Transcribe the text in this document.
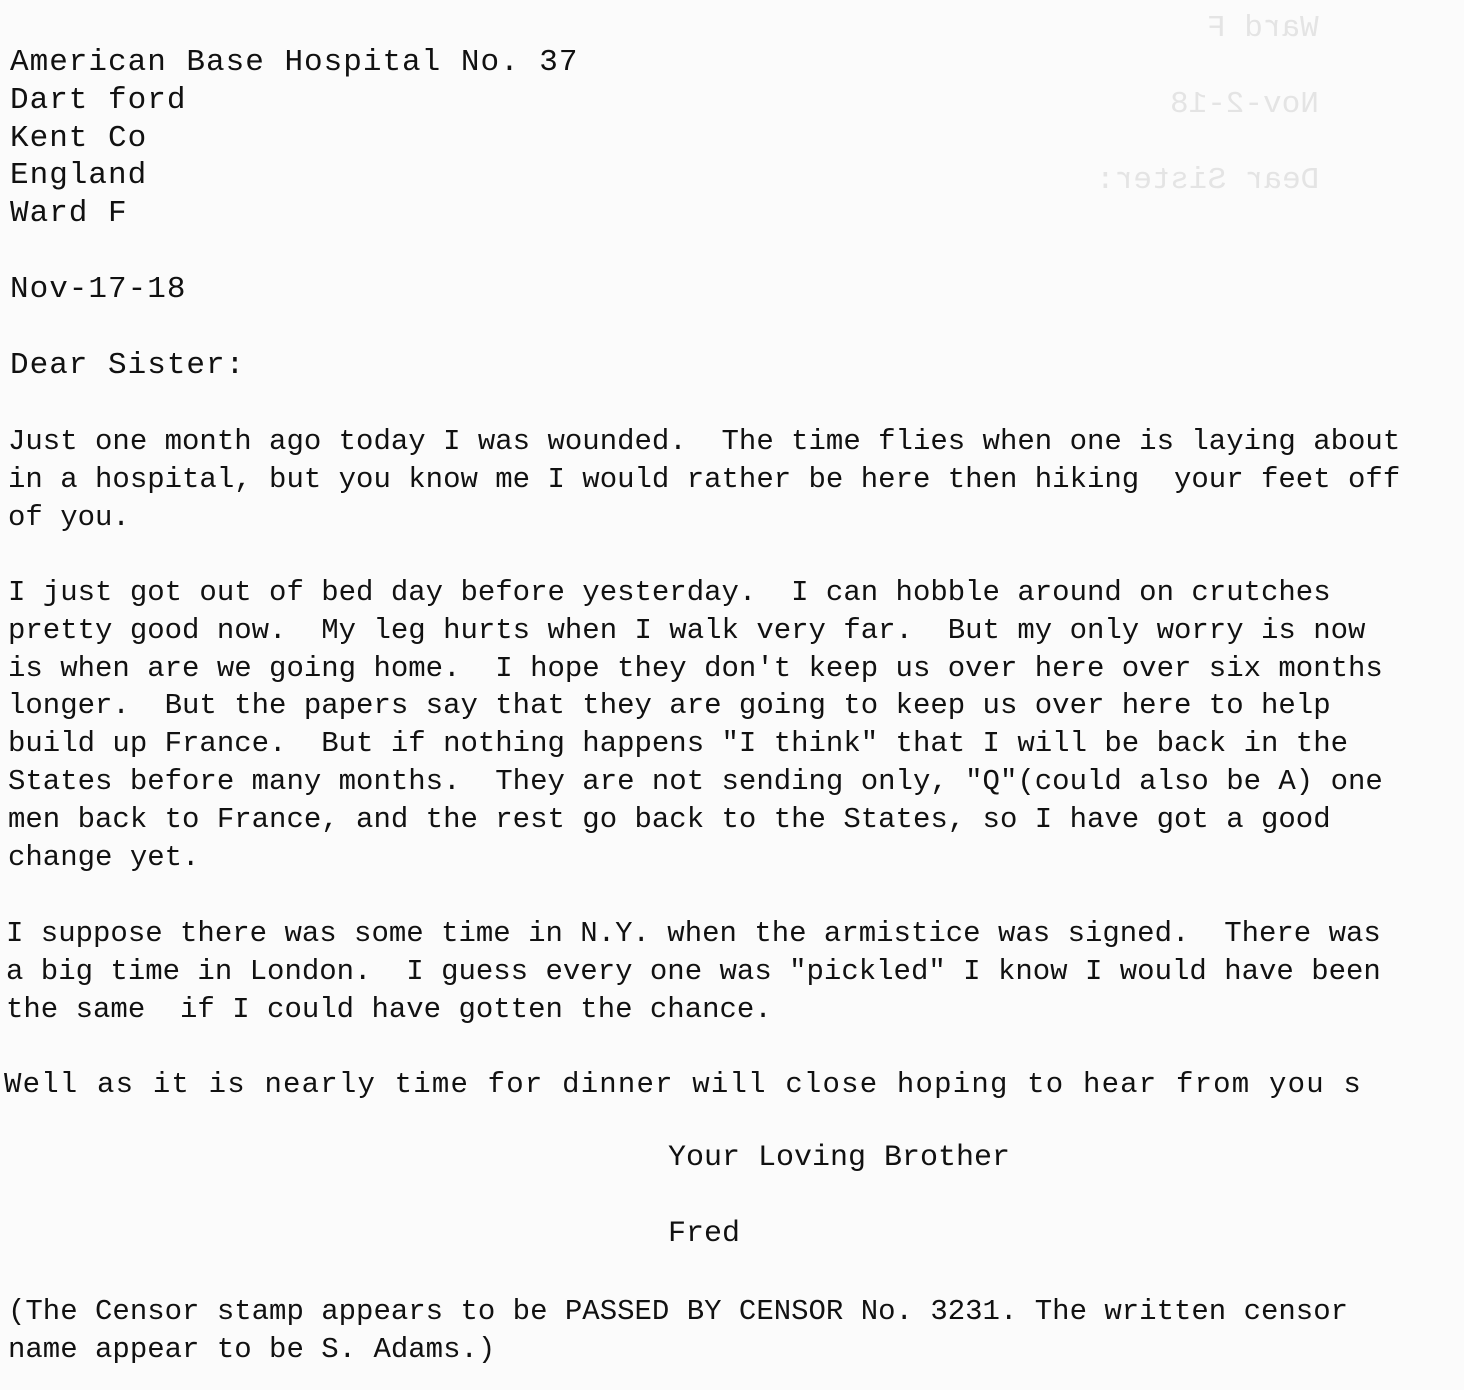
Ward F
Nov-2-18
Dear Sister:
American Base Hospital No. 37
Dart ford
Kent Co
England
Ward F
Nov-17-18
Dear Sister:
Just one month ago today I was wounded.  The time flies when one is laying about
in a hospital, but you know me I would rather be here then hiking  your feet off
of you.
I just got out of bed day before yesterday.  I can hobble around on crutches
pretty good now.  My leg hurts when I walk very far.  But my only worry is now
is when are we going home.  I hope they don't keep us over here over six months
longer.  But the papers say that they are going to keep us over here to help
build up France.  But if nothing happens "I think" that I will be back in the
States before many months.  They are not sending only, "Q"(could also be A) one
men back to France, and the rest go back to the States, so I have got a good
change yet.
I suppose there was some time in N.Y. when the armistice was signed.  There was
a big time in London.  I guess every one was "pickled" I know I would have been
the same  if I could have gotten the chance.
Well as it is nearly time for dinner will close hoping to hear from you s
Your Loving Brother
Fred
(The Censor stamp appears to be PASSED BY CENSOR No. 3231. The written censor
name appear to be S. Adams.)
